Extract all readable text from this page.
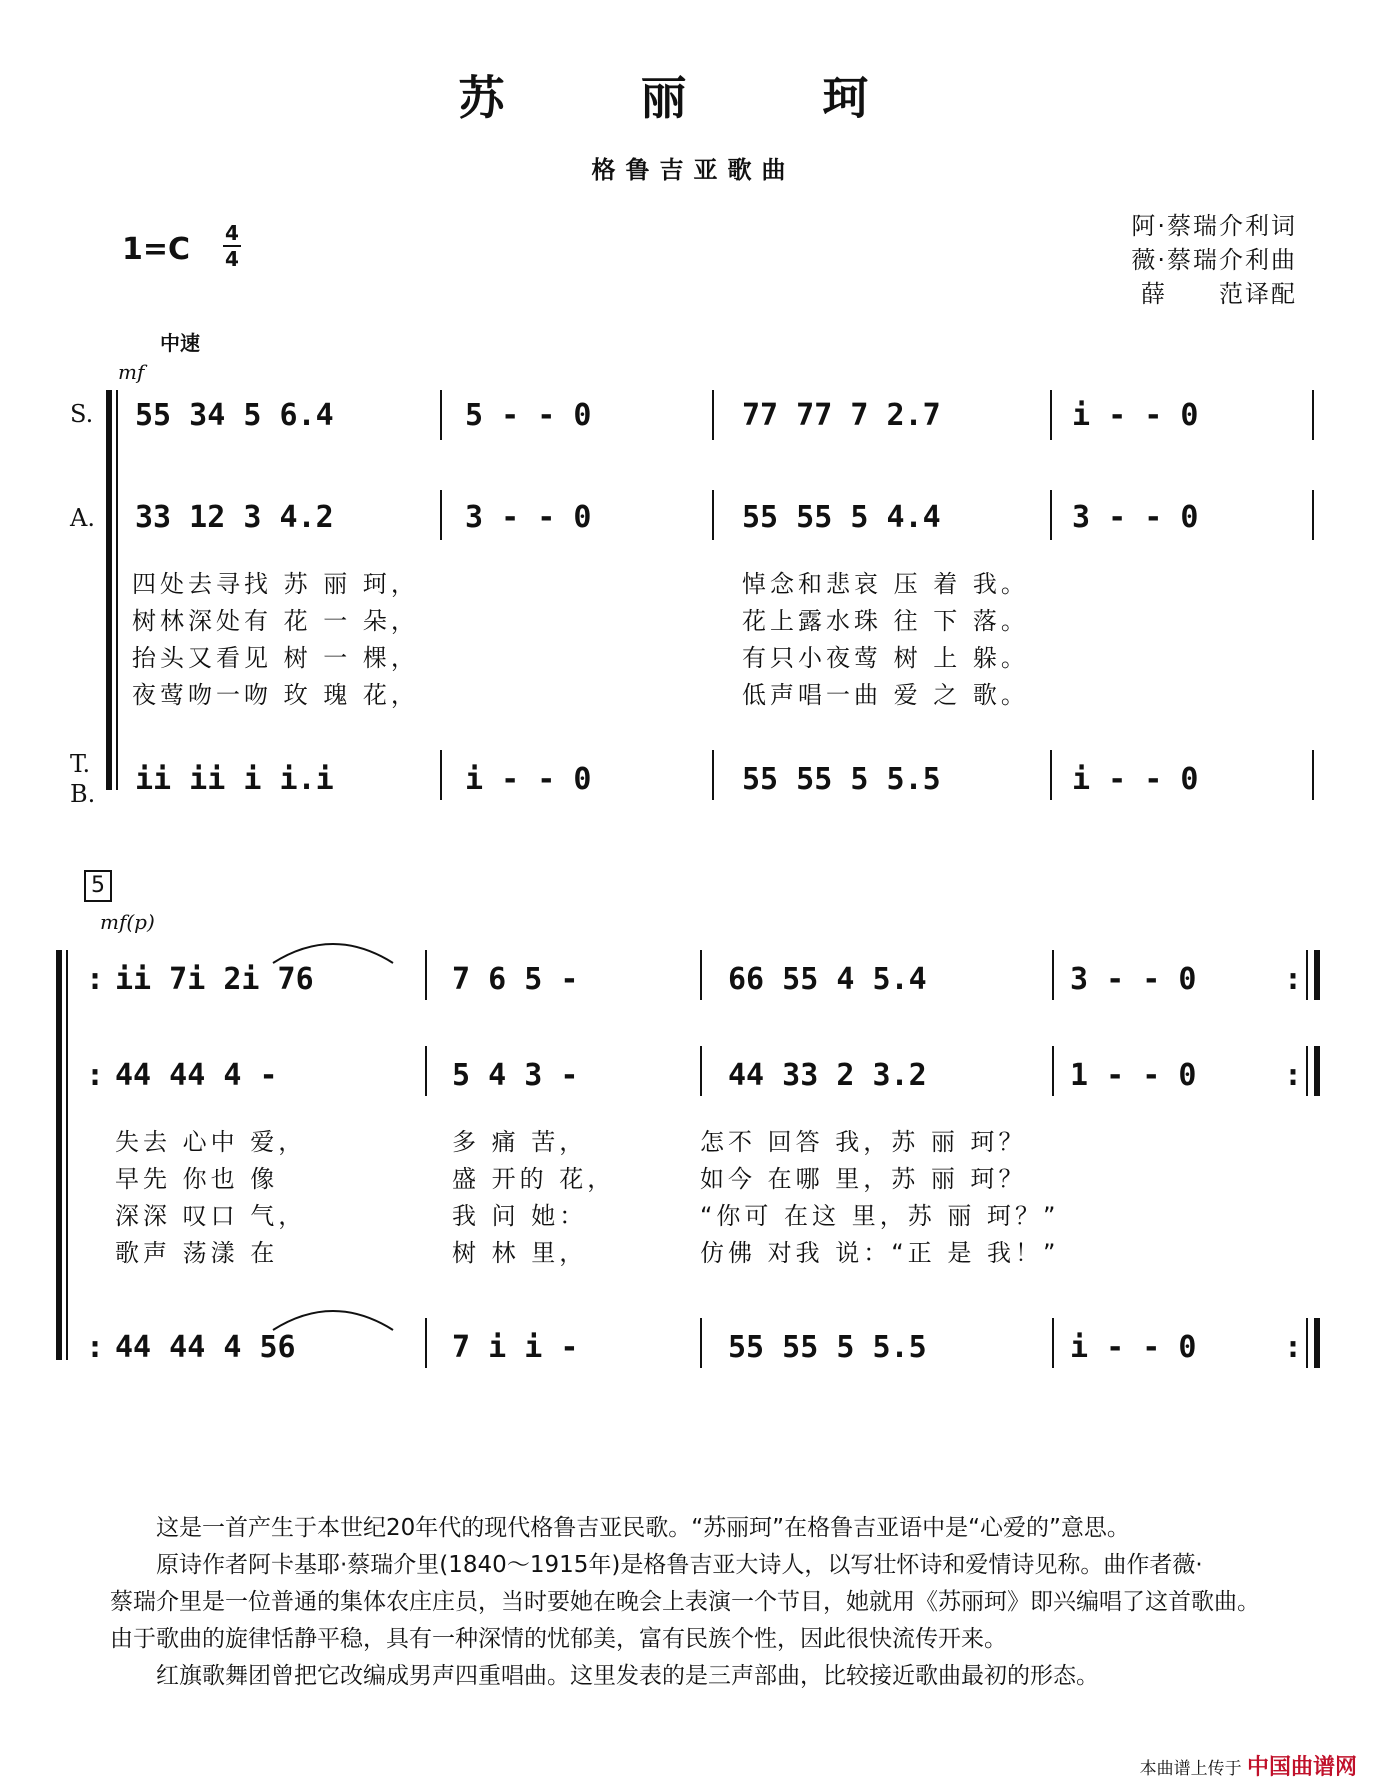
苏 丽 珂
格鲁吉亚歌曲
1=C 4
4
阿·蔡瑞介利词
薇·蔡瑞介利曲
薛　　范译配
中速
mf
S.
A.
T.
B.
55 34 5 6.4	5 - - 0	77 77 7 2.7	i - - 0
33 12 3 4.2	3 - - 0	55 55 5 4.4	3 - - 0
四处去寻找 苏 丽 珂，
树林深处有 花 一 朵，
抬头又看见 树 一 棵，
夜莺吻一吻 玫 瑰 花，
悼念和悲哀 压 着 我。
花上露水珠 往 下 落。
有只小夜莺 树 上 躲。
低声唱一曲 爱 之 歌。
ii ii i i.i	i - - 0	55 55 5 5.5	i - - 0
5
mf(p)
: ii 7i 2i 76	7 6 5 -	66 55 4 5.4	3 - - 0	:
: 44 44 4 -	5 4 3 -	44 33 2 3.2	1 - - 0	:
失去 心中 爱，
早先 你也 像
深深 叹口 气，
歌声 荡漾 在
多 痛 苦，
盛 开的 花，
我 问 她：
树 林 里，
怎不 回答 我，苏 丽 珂？
如今 在哪 里，苏 丽 珂？
“你可 在这 里，苏 丽 珂？”
仿佛 对我 说：“正 是 我！”
: 44 44 4 56	7 i i -	55 55 5 5.5	i - - 0	:

这是一首产生于本世纪20年代的现代格鲁吉亚民歌。“苏丽珂”在格鲁吉亚语中是“心爱的”意思。

原诗作者阿卡基耶·蔡瑞介里(1840～1915年)是格鲁吉亚大诗人，以写壮怀诗和爱情诗见称。曲作者薇·

蔡瑞介里是一位普通的集体农庄庄员，当时要她在晚会上表演一个节目，她就用《苏丽珂》即兴编唱了这首歌曲。

由于歌曲的旋律恬静平稳，具有一种深情的忧郁美，富有民族个性，因此很快流传开来。

红旗歌舞团曾把它改编成男声四重唱曲。这里发表的是三声部曲，比较接近歌曲最初的形态。

本曲谱上传于 中国曲谱网
